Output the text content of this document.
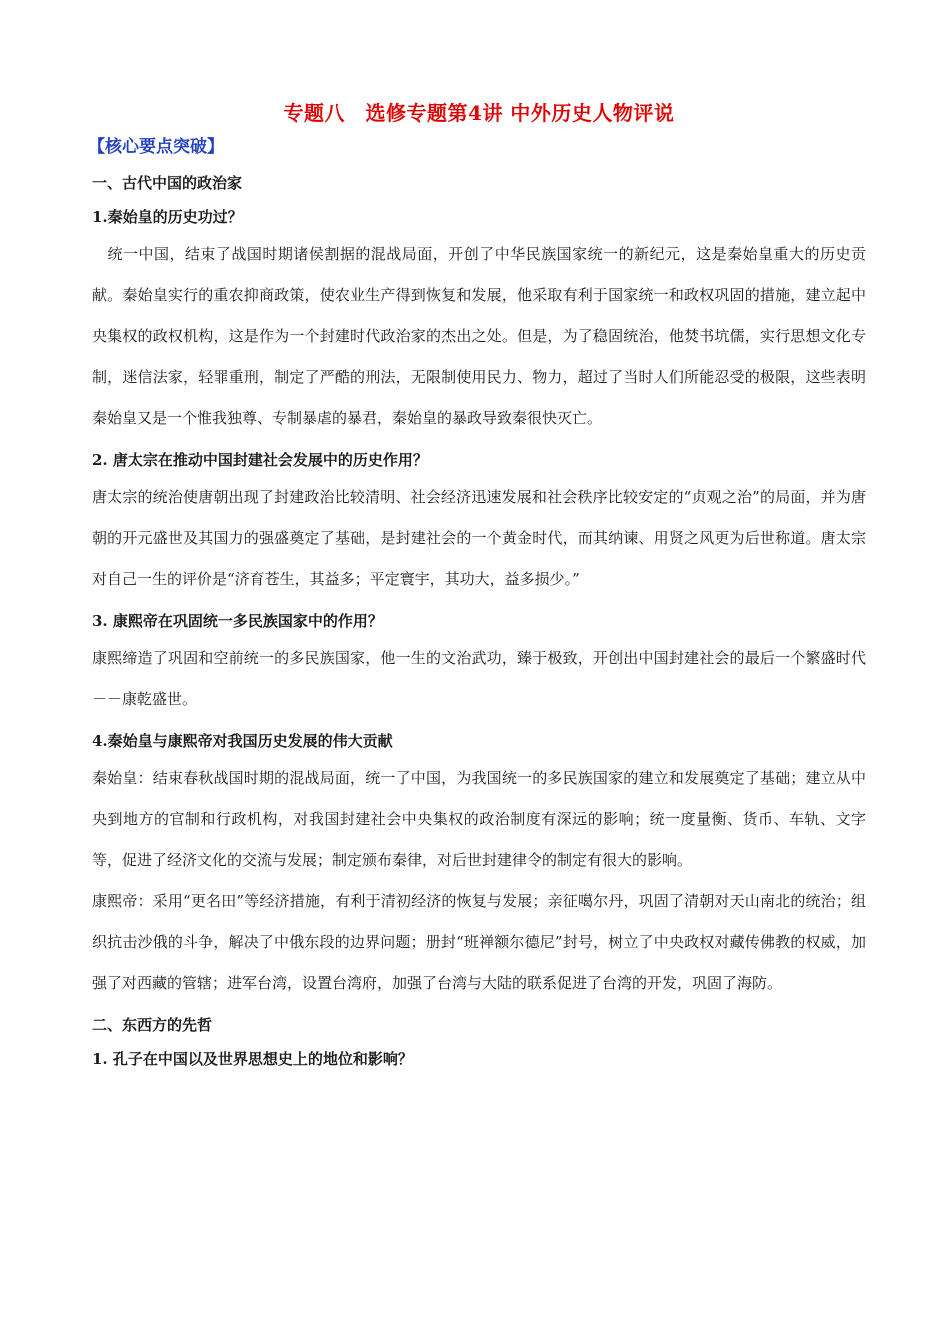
专题八　选修专题第4讲 中外历史人物评说
【核心要点突破】
一、古代中国的政治家
1.秦始皇的历史功过？

　统一中国，结束了战国时期诸侯割据的混战局面，开创了中华民族国家统一的新纪元，这是秦始皇重大的历史贡献。秦始皇实行的重农抑商政策，使农业生产得到恢复和发展，他采取有利于国家统一和政权巩固的措施，建立起中央集权的政权机构，这是作为一个封建时代政治家的杰出之处。但是，为了稳固统治，他焚书坑儒，实行思想文化专制，迷信法家，轻罪重刑，制定了严酷的刑法，无限制使用民力、物力，超过了当时人们所能忍受的极限，这些表明秦始皇又是一个惟我独尊、专制暴虐的暴君，秦始皇的暴政导致秦很快灭亡。

2. 唐太宗在推动中国封建社会发展中的历史作用？

唐太宗的统治使唐朝出现了封建政治比较清明、社会经济迅速发展和社会秩序比较安定的“贞观之治”的局面，并为唐朝的开元盛世及其国力的强盛奠定了基础，是封建社会的一个黄金时代，而其纳谏、用贤之风更为后世称道。唐太宗对自己一生的评价是“济育苍生，其益多；平定寰宇，其功大，益多损少。”

3. 康熙帝在巩固统一多民族国家中的作用？

康熙缔造了巩固和空前统一的多民族国家，他一生的文治武功，臻于极致，开创出中国封建社会的最后一个繁盛时代－－康乾盛世。

4.秦始皇与康熙帝对我国历史发展的伟大贡献

秦始皇：结束春秋战国时期的混战局面，统一了中国，为我国统一的多民族国家的建立和发展奠定了基础；建立从中央到地方的官制和行政机构，对我国封建社会中央集权的政治制度有深远的影响；统一度量衡、货币、车轨、文字等，促进了经济文化的交流与发展；制定颁布秦律，对后世封建律令的制定有很大的影响。

康熙帝：采用“更名田”等经济措施，有利于清初经济的恢复与发展；亲征噶尔丹，巩固了清朝对天山南北的统治；组织抗击沙俄的斗争，解决了中俄东段的边界问题；册封“班禅额尔德尼”封号，树立了中央政权对藏传佛教的权威，加强了对西藏的管辖；进军台湾，设置台湾府，加强了台湾与大陆的联系促进了台湾的开发，巩固了海防。

二、东西方的先哲
1. 孔子在中国以及世界思想史上的地位和影响？
